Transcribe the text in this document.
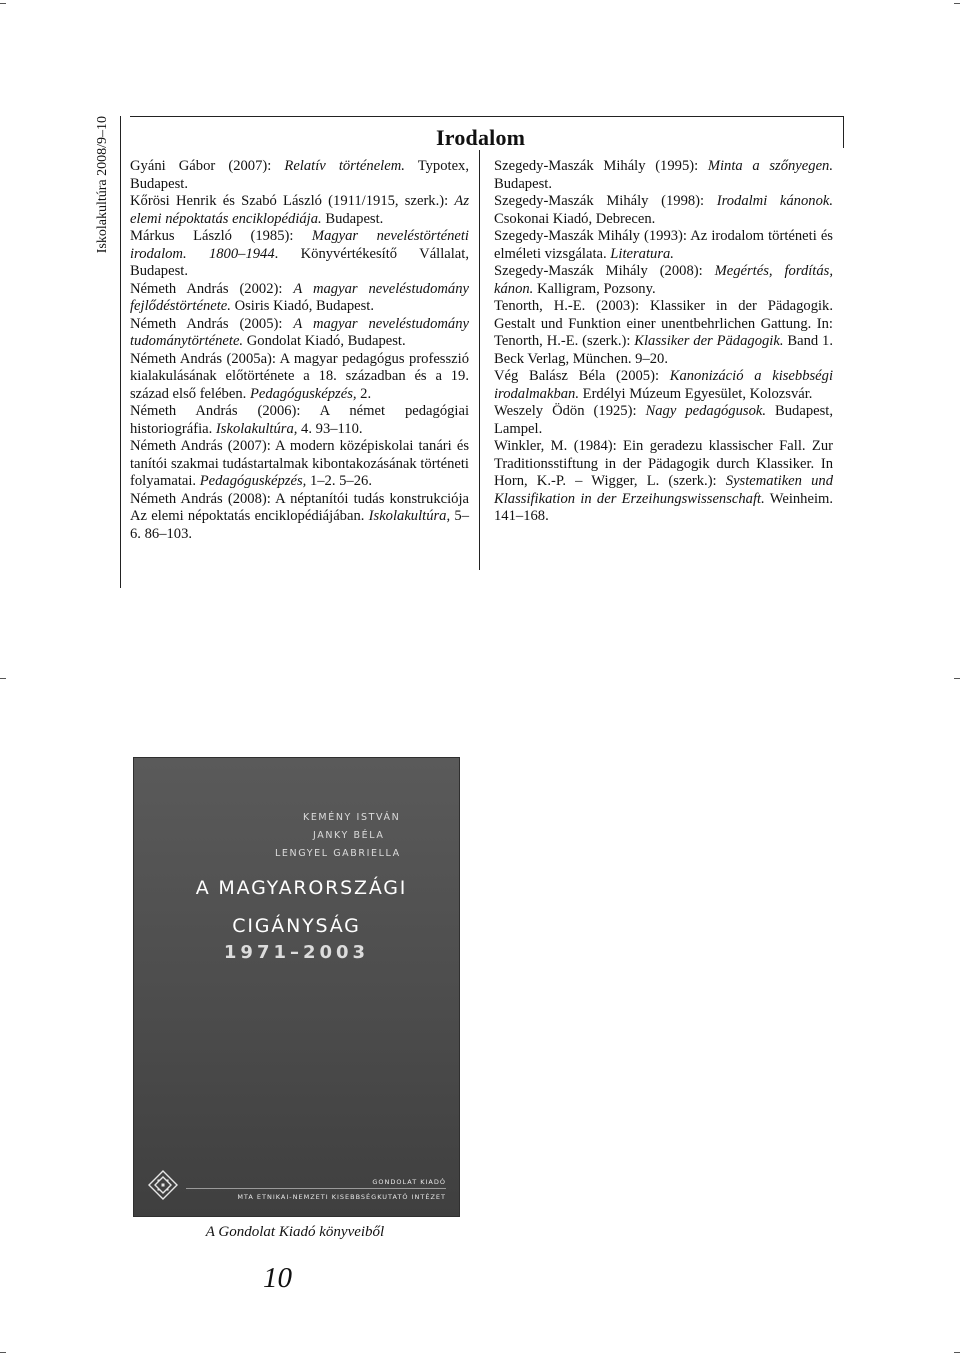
Iskolakultúra 2008/9–10	Irodalom

Gyáni Gábor (2007): Relatív történelem. Typotex, Budapest.

Kőrösi Henrik és Szabó László (1911/1915, szerk.): Az elemi népoktatás enciklopédiája. Budapest.

Márkus László (1985): Magyar neveléstörténeti irodalom. 1800–1944. Könyvértékesítő Vállalat, Budapest.

Németh András (2002): A magyar neveléstudomány fejlődéstörténete. Osiris Kiadó, Budapest.

Németh András (2005): A magyar neveléstudomány tudománytörténete. Gondolat Kiadó, Budapest.

Németh András (2005a): A magyar pedagógus professzió kialakulásának előtörténete a 18. században és a 19. század első felében. Pedagógusképzés, 2.

Németh András (2006): A német pedagógiai historiográfia. Iskolakultúra, 4. 93–110.

Németh András (2007): A modern középiskolai tanári és tanítói szakmai tudástartalmak kibontakozásának történeti folyamatai. Pedagógusképzés, 1–2. 5–26.

Németh András (2008): A néptanítói tudás konstrukciója Az elemi népoktatás enciklopédiájában. Iskolakultúra, 5–6. 86–103.

Szegedy-Maszák Mihály (1995): Minta a szőnyegen. Budapest.

Szegedy-Maszák Mihály (1998): Irodalmi kánonok. Csokonai Kiadó, Debrecen.

Szegedy-Maszák Mihály (1993): Az irodalom történeti és elméleti vizsgálata. Literatura.

Szegedy-Maszák Mihály (2008): Megértés, fordítás, kánon. Kalligram, Pozsony.

Tenorth, H.-E. (2003): Klassiker in der Pädagogik. Gestalt und Funktion einer unentbehrlichen Gattung. In: Tenorth, H.-E. (szerk.): Klassiker der Pädagogik. Band 1. Beck Verlag, München. 9–20.

Vég Balász Béla (2005): Kanonizáció a kisebbségi irodalmakban. Erdélyi Múzeum Egyesület, Kolozsvár.

Weszely Ödön (1925): Nagy pedagógusok. Budapest, Lampel.

Winkler, M. (1984): Ein geradezu klassischer Fall. Zur Traditionsstiftung in der Pädagogik durch Klassiker. In Horn, K.-P. – Wigger, L. (szerk.): Systematiken und Klassifikation in der Erzeihungswissenschaft. Weinheim. 141–168.

KEMÉNY ISTVÁN
JANKY BÉLA
LENGYEL GABRIELLA
A MAGYARORSZÁGI
CIGÁNYSÁG
1971–2003
GONDOLAT KIADÓ
MTA ETNIKAI-NEMZETI KISEBBSÉGKUTATÓ INTÉZET
A Gondolat Kiadó könyveiből
10
